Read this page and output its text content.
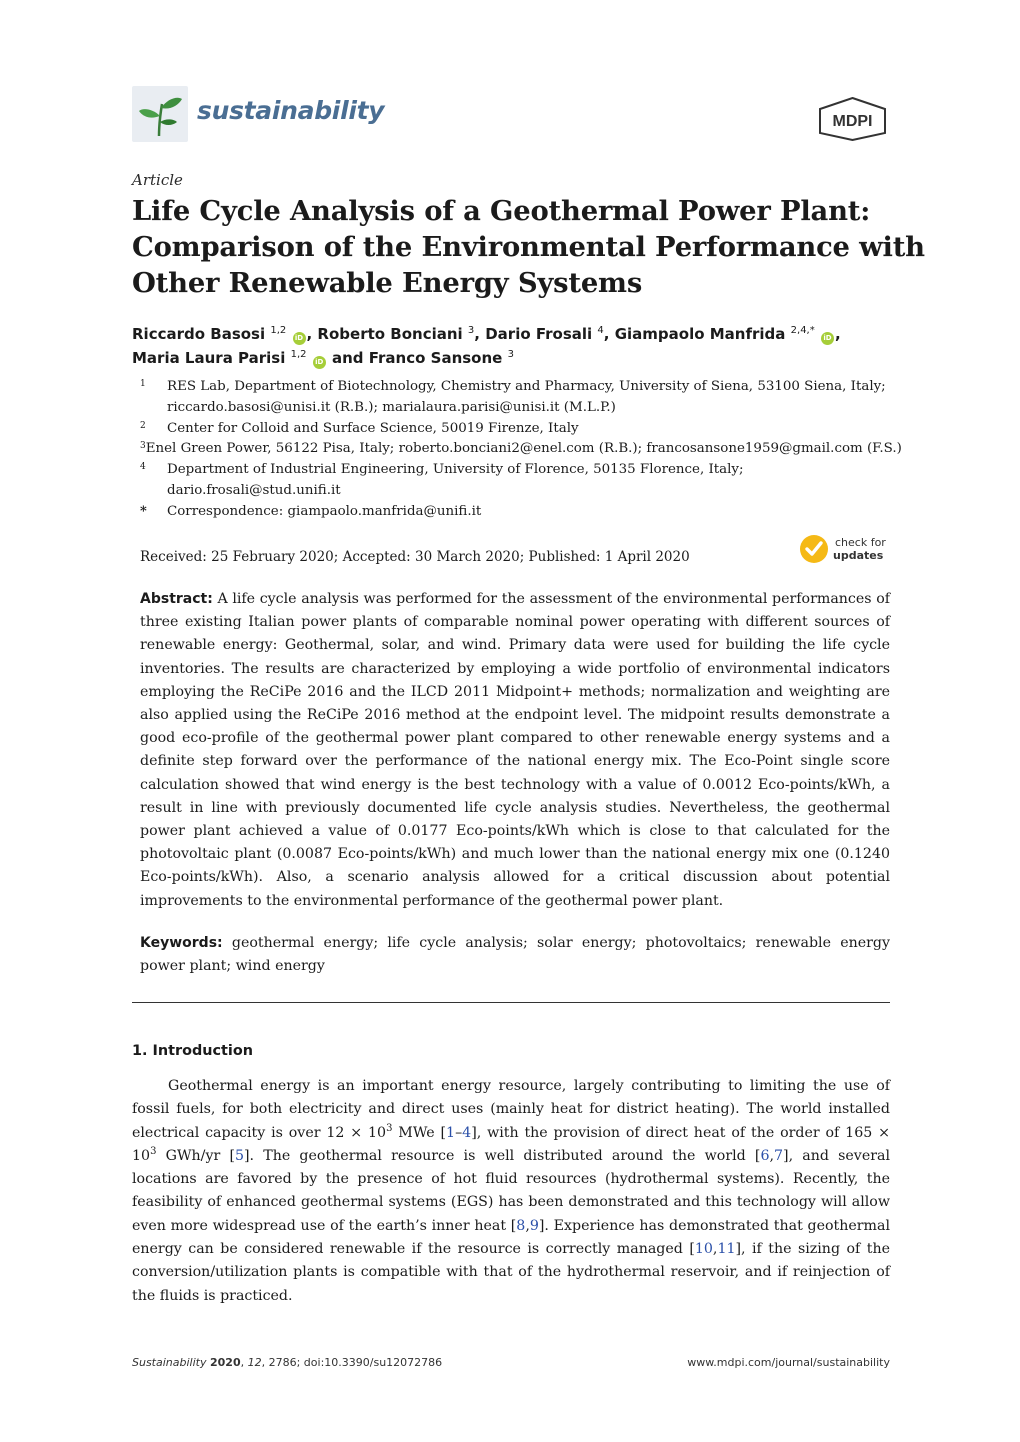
sustainability	MDPI
Article
Life Cycle Analysis of a Geothermal Power Plant:
Comparison of the Environmental Performance with
Other Renewable Energy Systems
Riccardo Basosi $^{1,2}$ iD , Roberto Bonciani $^3$, Dario Frosali $^4$, Giampaolo Manfrida $^{2,4,*}$ iD ,
Maria Laura Parisi $^{1,2}$ iD and Franco Sansone $^3$
1	RES Lab, Department of Biotechnology, Chemistry and Pharmacy, University of Siena, 53100 Siena, Italy;
riccardo.basosi@unisi.it (R.B.); marialaura.parisi@unisi.it (M.L.P.)
2	Center for Colloid and Surface Science, 50019 Firenze, Italy
3 Enel Green Power, 56122 Pisa, Italy; roberto.bonciani2@enel.com (R.B.); francosansone1959@gmail.com (F.S.)
4	Department of Industrial Engineering, University of Florence, 50135 Florence, Italy;
dario.frosali@stud.unifi.it
*	Correspondence: giampaolo.manfrida@unifi.it
Received: 25 February 2020; Accepted: 30 March 2020; Published: 1 April 2020
check for
updates
Abstract: A life cycle analysis was performed for the assessment of the environmental performances of three existing Italian power plants of comparable nominal power operating with different sources of renewable energy: Geothermal, solar, and wind. Primary data were used for building the life cycle inventories. The results are characterized by employing a wide portfolio of environmental indicators employing the ReCiPe 2016 and the ILCD 2011 Midpoint+ methods; normalization and weighting are also applied using the ReCiPe 2016 method at the endpoint level. The midpoint results demonstrate a good eco-profile of the geothermal power plant compared to other renewable energy systems and a definite step forward over the performance of the national energy mix. The Eco-Point single score calculation showed that wind energy is the best technology with a value of 0.0012 Eco-points/kWh, a result in line with previously documented life cycle analysis studies. Nevertheless, the geothermal power plant achieved a value of 0.0177 Eco-points/kWh which is close to that calculated for the photovoltaic plant (0.0087 Eco-points/kWh) and much lower than the national energy mix one (0.1240 Eco-points/kWh). Also, a scenario analysis allowed for a critical discussion about potential improvements to the environmental performance of the geothermal power plant.
Keywords: geothermal energy; life cycle analysis; solar energy; photovoltaics; renewable energy power plant; wind energy
1. Introduction
Geothermal energy is an important energy resource, largely contributing to limiting the use of fossil fuels, for both electricity and direct uses (mainly heat for district heating). The world installed electrical capacity is over $12 \times 10^3$ MWe [1–4], with the provision of direct heat of the order of $165 \times 10^3$ GWh/yr [5]. The geothermal resource is well distributed around the world [6,7], and several locations are favored by the presence of hot fluid resources (hydrothermal systems). Recently, the feasibility of enhanced geothermal systems (EGS) has been demonstrated and this technology will allow even more widespread use of the earth’s inner heat [8,9]. Experience has demonstrated that geothermal energy can be considered renewable if the resource is correctly managed [10,11], if the sizing of the conversion/utilization plants is compatible with that of the hydrothermal reservoir, and if reinjection of the fluids is practiced.
Sustainability 2020, 12, 2786; doi:10.3390/su12072786	www.mdpi.com/journal/sustainability
